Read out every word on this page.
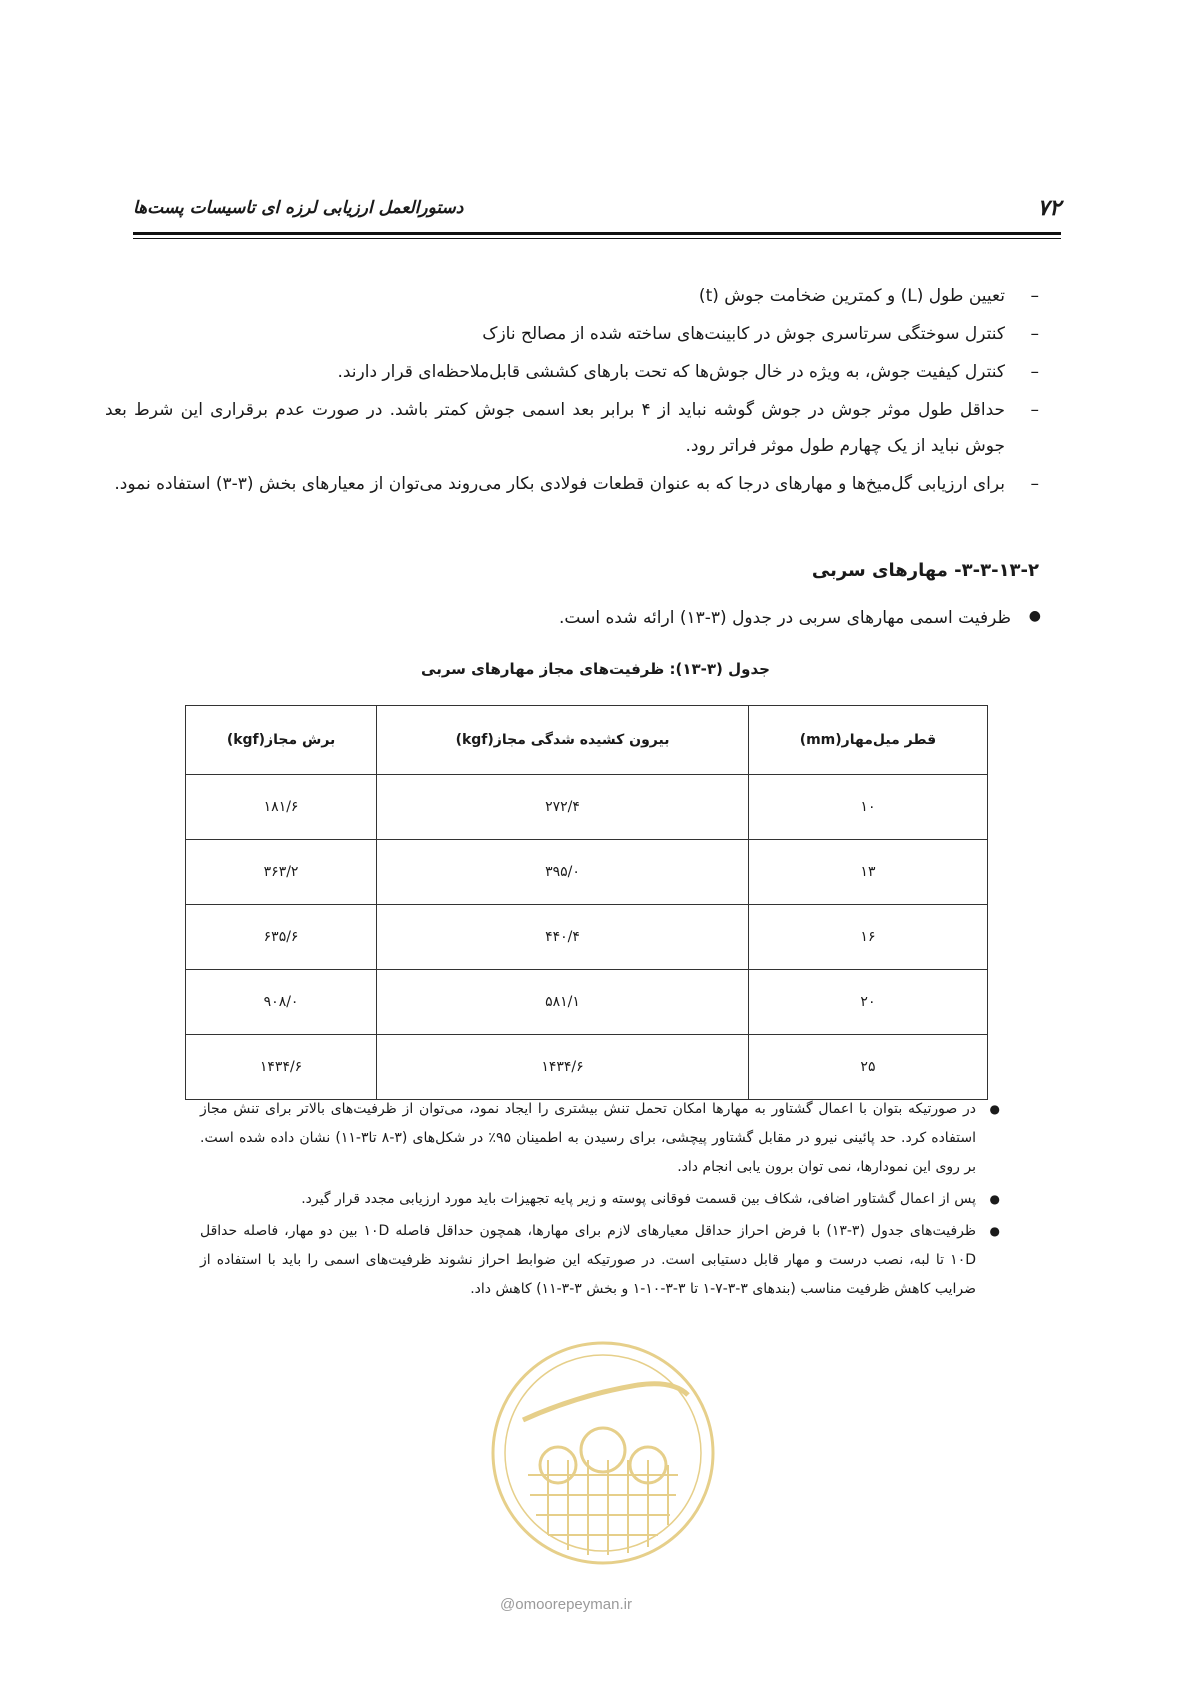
۷۲
دستورالعمل ارزیابی لرزه ای تاسیسات پست‌ها
– تعیین طول (L) و کمترین ضخامت جوش (t)
– کنترل سوختگی سرتاسری جوش در کابینت‌های ساخته شده از مصالح نازک
– کنترل کیفیت جوش، به ویژه در خال جوش‌ها که تحت بارهای کششی قابل‌ملاحظه‌ای قرار دارند.
– حداقل طول موثر جوش در جوش گوشه نباید از ۴ برابر بعد اسمی جوش کمتر باشد. در صورت عدم برقراری این شرط بعد جوش نباید از یک چهارم طول موثر فراتر رود.
– برای ارزیابی گل‌میخ‌ها و مهارهای درجا که به عنوان قطعات فولادی بکار می‌روند می‌توان از معیارهای بخش (۳-۳) استفاده نمود.
۳-۳-۱۳-۲- مهارهای سربی
●
ظرفیت اسمی مهارهای سربی در جدول (۳-۱۳) ارائه شده است.
جدول (۳-۱۳): ظرفیت‌های مجاز مهارهای سربی
قطر میل‌مهار(mm)	بیرون کشیده شدگی مجاز(kgf)	برش مجاز(kgf)
۱۰	۲۷۲/۴	۱۸۱/۶
۱۳	۳۹۵/۰	۳۶۳/۲
۱۶	۴۴۰/۴	۶۳۵/۶
۲۰	۵۸۱/۱	۹۰۸/۰
۲۵	۱۴۳۴/۶	۱۴۳۴/۶
●
در صورتیکه بتوان با اعمال گشتاور به مهارها امکان تحمل تنش بیشتری را ایجاد نمود، می‌توان از ظرفیت‌های بالاتر برای تنش مجاز استفاده کرد. حد پائینی نیرو در مقابل گشتاور پیچشی، برای رسیدن به اطمینان ۹۵٪ در شکل‌های (۳-۸ تا۳-۱۱) نشان داده شده است. بر روی این نمودارها، نمی توان برون یابی انجام داد.
●
پس از اعمال گشتاور اضافی، شکاف بین قسمت فوقانی پوسته و زیر پایه تجهیزات باید مورد ارزیابی مجدد قرار گیرد.
●
ظرفیت‌های جدول (۳-۱۳) با فرض احراز حداقل معیارهای لازم برای مهارها، همچون حداقل فاصله ۱۰D بین دو مهار، فاصله حداقل ۱۰D تا لبه، نصب درست و مهار قابل دستیابی است. در صورتیکه این ضوابط احراز نشوند ظرفیت‌های اسمی را باید با استفاده از ضرایب کاهش ظرفیت مناسب (بندهای ۳-۳-۷-۱ تا ۳-۳-۱۰-۱ و بخش ۳-۳-۱۱) کاهش داد.
@omoorepeyman.ir
